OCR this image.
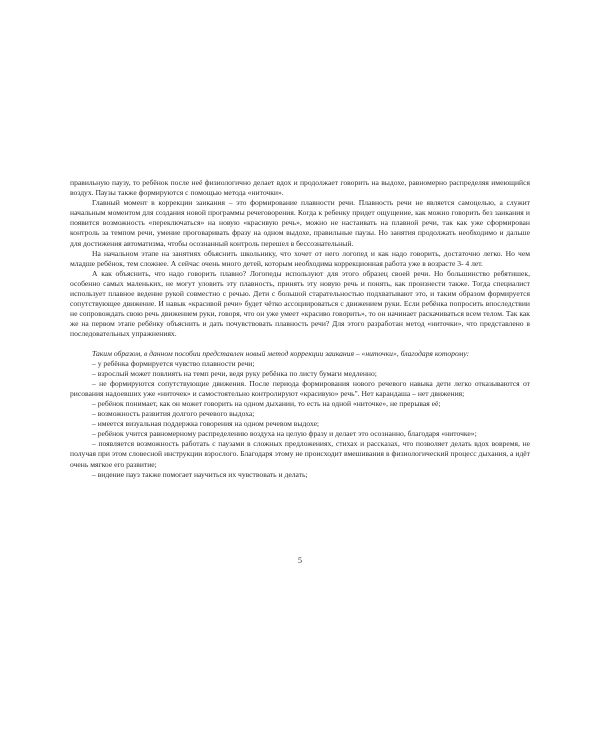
правильную паузу, то ребёнок после неё физиологично делает вдох и продолжает говорить на выдохе, равномерно распределяя имеющийся воздух. Паузы также формируются с помощью метода «ниточки».

Главный момент в коррекции заикания – это формирование плавности речи. Плавность речи не является самоцелью, а служит начальным моментом для создания новой программы речеговорения. Когда к ребенку придет ощущение, как можно говорить без заикания и появится возможность «переключаться» на новую «красивую речь», можно не настаивать на плавной речи, так как уже сформирован контроль за темпом речи, умение проговаривать фразу на одном выдохе, правильные паузы. Но занятия продолжать необходимо и дальше для достижения автоматизма, чтобы осознанный контроль перешел в бессознательный.

На начальном этапе на занятиях объяснить школьнику, что хочет от него логопед и как надо говорить, достаточно легко. Но чем младше ребёнок, тем сложнее. А сейчас очень много детей, которым необходима коррекционная работа уже в возрасте 3- 4 лет.

А как объяснить, что надо говорить плавно? Логопеды используют для этого образец своей речи. Но большинство ребятишек, особенно самых маленьких, не могут уловить эту плавность, принять эту новую речь и понять, как произнести также. Тогда специалист использует плавное ведение рукой совместно с речью. Дети с большой старательностью подхватывают это, и таким образом формируется сопутствующее движение. И навык «красивой речи» будет чётко ассоциироваться с движением руки. Если ребёнка попросить впоследствии не сопровождать свою речь движением руки, говоря, что он уже умеет «красиво говорить», то он начинает раскачиваться всем телом. Так как же на первом этапе ребёнку объяснить и дать почувствовать плавность речи? Для этого разработан метод «ниточки», что представлено в последовательных упражнениях.

Таким образом, в данном пособии представлен новый метод коррекции заикания – «ниточки», благодаря которому:

– у ребёнка формируется чувство плавности речи;

– взрослый может повлиять на темп речи, ведя руку ребёнка по листу бумаги медленно;

– не формируются сопутствующие движения. После периода формирования нового речевого навыка дети легко отказываются от рисования надоевших уже «ниточек» и самостоятельно контролируют «красивую» речь". Нет карандаша – нет движения;

– ребёнок понимает, как он может говорить на одном дыхании, то есть на одной «ниточке», не прерывая её;

– возможность развития долгого речевого выдоха;

– имеется визуальная поддержка говорения на одном речевом выдохе;

– ребёнок учится равномерному распределению воздуха на целую фразу и делает это осознанно, благодаря «ниточке»;

– появляется возможность работать с паузами в сложных предложениях, стихах и рассказах, что позволяет делать вдох вовремя, не получая при этом словесной инструкции взрослого. Благодаря этому не происходит вмешивания в физиологический процесс дыхания, а идёт очень мягкое его развитие;

– видение пауз также помогает научиться их чувствовать и делать;

5
